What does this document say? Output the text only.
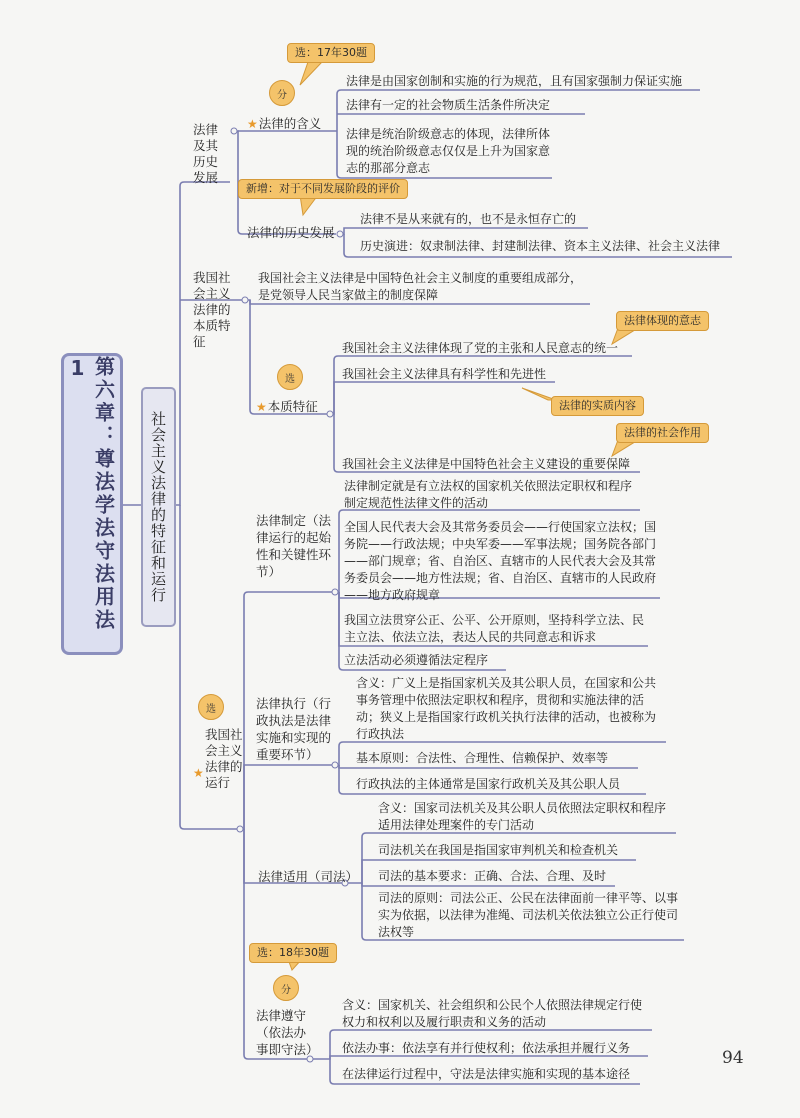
第六章：尊法学法守法用法1
社会主义法律的特征和运行
法律及其历史发展
我国社会主义法律的本质特征
选
★
我国社会主义法律的运行
选：17年30题
分
★法律的含义
法律是由国家创制和实施的行为规范，且有国家强制力保证实施
法律有一定的社会物质生活条件所决定
法律是统治阶级意志的体现，法律所体现的统治阶级意志仅仅是上升为国家意志的那部分意志
新增：对于不同发展阶段的评价
法律的历史发展
法律不是从来就有的，也不是永恒存亡的
历史演进：奴隶制法律、封建制法律、资本主义法律、社会主义法律
我国社会主义法律是中国特色社会主义制度的重要组成部分，是党领导人民当家做主的制度保障
法律体现的意志
法律的实质内容
法律的社会作用
选
★本质特征
我国社会主义法律体现了党的主张和人民意志的统一
我国社会主义法律具有科学性和先进性
我国社会主义法律是中国特色社会主义建设的重要保障
法律制定（法律运行的起始性和关键性环节）
法律制定就是有立法权的国家机关依照法定职权和程序制定规范性法律文件的活动
全国人民代表大会及其常务委员会——行使国家立法权；国务院——行政法规；中央军委——军事法规；国务院各部门——部门规章；省、自治区、直辖市的人民代表大会及其常务委员会——地方性法规；省、自治区、直辖市的人民政府——地方政府规章
我国立法贯穿公正、公平、公开原则，坚持科学立法、民主立法、依法立法，表达人民的共同意志和诉求
立法活动必须遵循法定程序
法律执行（行政执法是法律实施和实现的重要环节）
含义：广义上是指国家机关及其公职人员，在国家和公共事务管理中依照法定职权和程序，贯彻和实施法律的活动；狭义上是指国家行政机关执行法律的活动，也被称为行政执法
基本原则：合法性、合理性、信赖保护、效率等
行政执法的主体通常是国家行政机关及其公职人员
法律适用（司法）
含义：国家司法机关及其公职人员依照法定职权和程序适用法律处理案件的专门活动
司法机关在我国是指国家审判机关和检查机关
司法的基本要求：正确、合法、合理、及时
司法的原则：司法公正、公民在法律面前一律平等、以事实为依据，以法律为准绳、司法机关依法独立公正行使司法权等
选：18年30题
分
法律遵守（依法办事即守法）
含义：国家机关、社会组织和公民个人依照法律规定行使权力和权利以及履行职责和义务的活动
依法办事：依法享有并行使权利；依法承担并履行义务
在法律运行过程中，守法是法律实施和实现的基本途径
94
